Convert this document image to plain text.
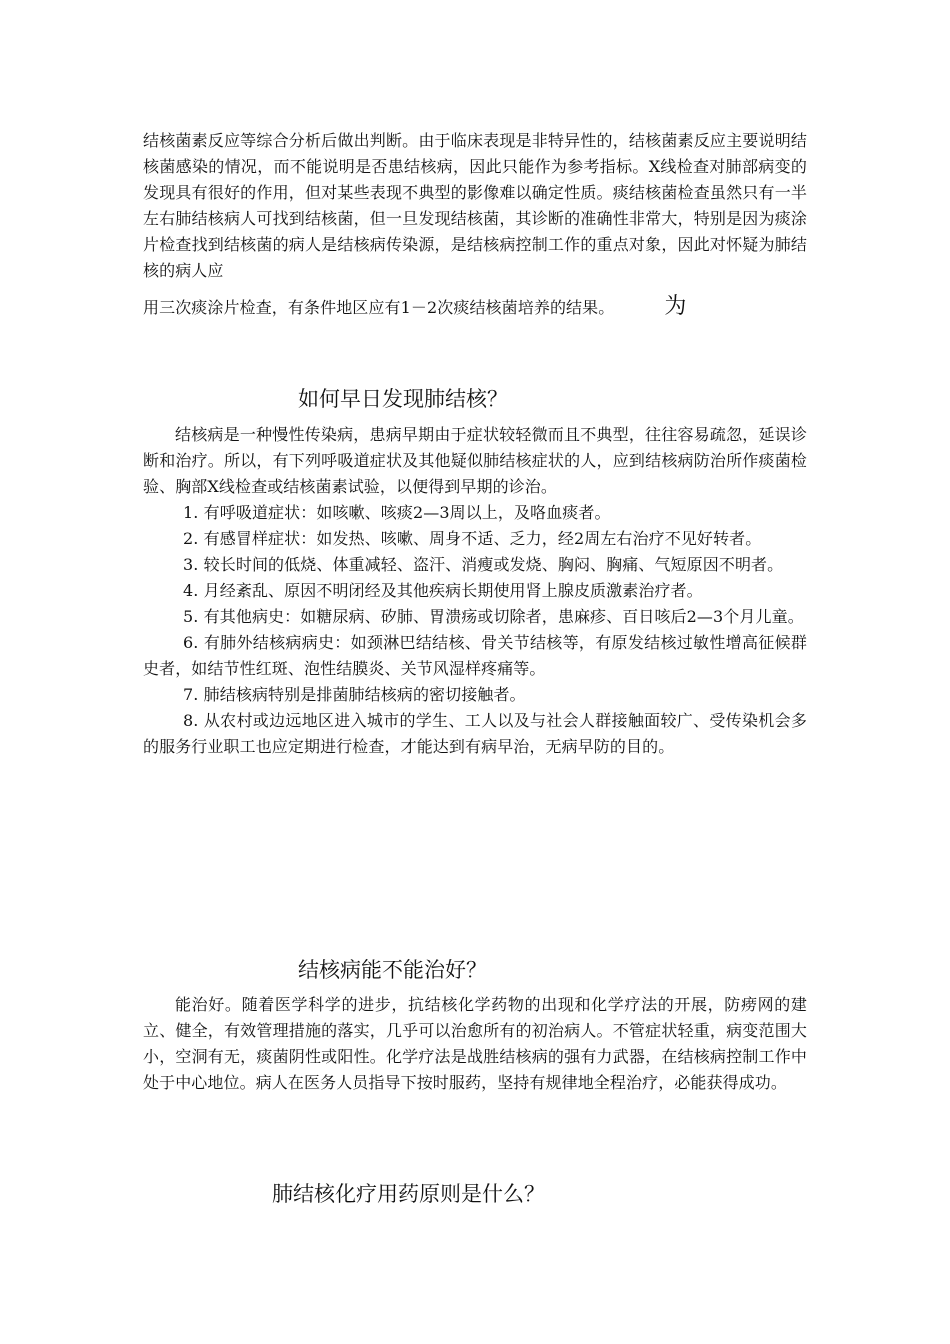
结核菌素反应等综合分析后做出判断。由于临床表现是非特异性的，结核菌素反应主要说明结核菌感染的情况，而不能说明是否患结核病，因此只能作为参考指标。X线检查对肺部病变的发现具有很好的作用，但对某些表现不典型的影像难以确定性质。痰结核菌检查虽然只有一半左右肺结核病人可找到结核菌，但一旦发现结核菌，其诊断的准确性非常大，特别是因为痰涂片检查找到结核菌的病人是结核病传染源，是结核病控制工作的重点对象，因此对怀疑为肺结核的病人应

用三次痰涂片检查，有条件地区应有1－2次痰结核菌培养的结果。 为

如何早日发现肺结核？

结核病是一种慢性传染病，患病早期由于症状较轻微而且不典型，往往容易疏忽，延误诊断和治疗。所以，有下列呼吸道症状及其他疑似肺结核症状的人，应到结核病防治所作痰菌检验、胸部X线检查或结核菌素试验，以便得到早期的诊治。

1. 有呼吸道症状：如咳嗽、咳痰2—3周以上，及咯血痰者。

2. 有感冒样症状：如发热、咳嗽、周身不适、乏力，经2周左右治疗不见好转者。

3. 较长时间的低烧、体重减轻、盗汗、消瘦或发烧、胸闷、胸痛、气短原因不明者。

4. 月经紊乱、原因不明闭经及其他疾病长期使用肾上腺皮质激素治疗者。

5. 有其他病史：如糖尿病、矽肺、胃溃疡或切除者，患麻疹、百日咳后2—3个月儿童。

6. 有肺外结核病病史：如颈淋巴结结核、骨关节结核等，有原发结核过敏性增高征候群史者，如结节性红斑、泡性结膜炎、关节风湿样疼痛等。

7. 肺结核病特别是排菌肺结核病的密切接触者。

8. 从农村或边远地区进入城市的学生、工人以及与社会人群接触面较广、受传染机会多的服务行业职工也应定期进行检查，才能达到有病早治，无病早防的目的。

结核病能不能治好？

能治好。随着医学科学的进步，抗结核化学药物的出现和化学疗法的开展，防痨网的建立、健全，有效管理措施的落实，几乎可以治愈所有的初治病人。不管症状轻重，病变范围大小，空洞有无，痰菌阴性或阳性。化学疗法是战胜结核病的强有力武器，在结核病控制工作中处于中心地位。病人在医务人员指导下按时服药，坚持有规律地全程治疗，必能获得成功。

肺结核化疗用药原则是什么？
